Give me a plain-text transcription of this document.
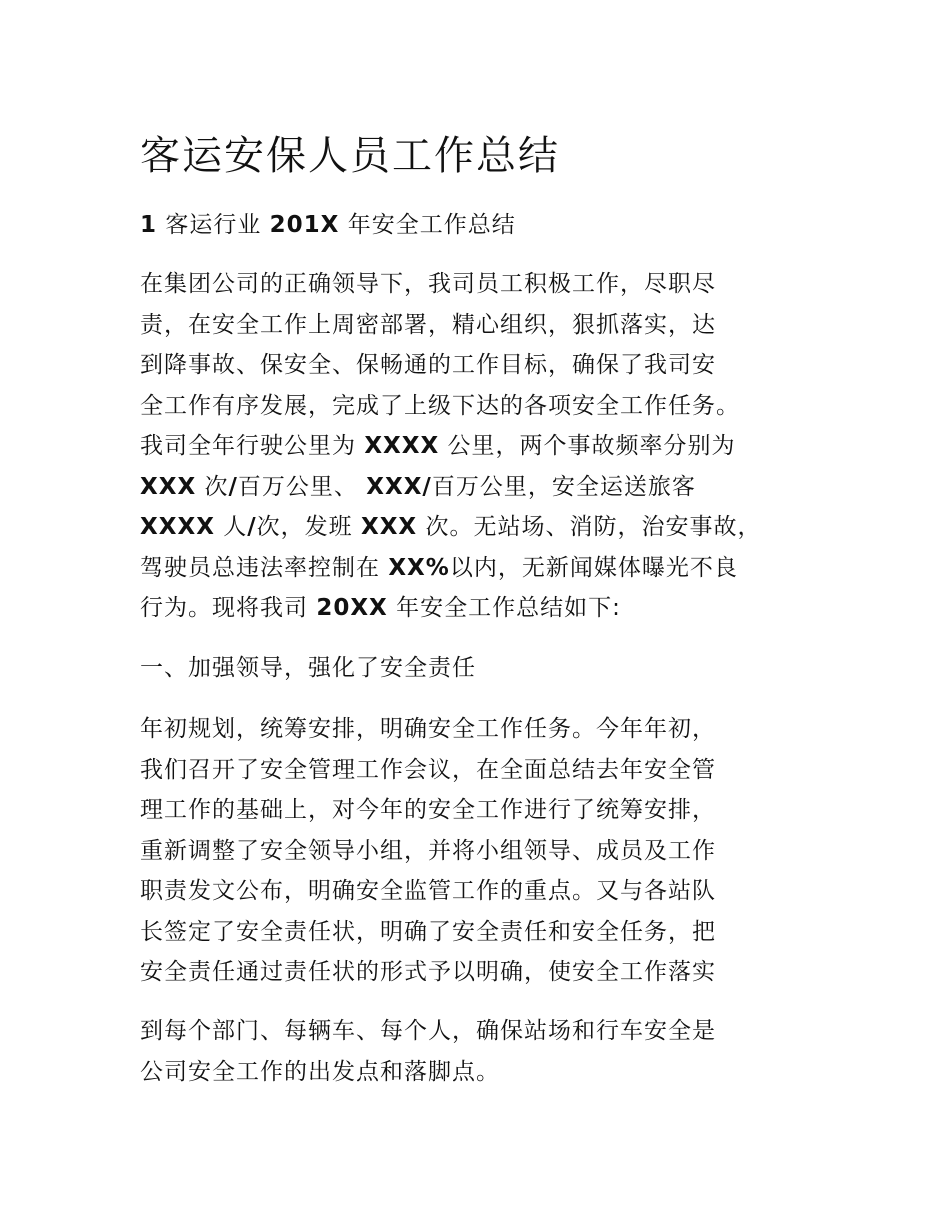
客运安保人员工作总结
1 客运行业 201X 年安全工作总结
在集团公司的正确领导下，我司员工积极工作，尽职尽
责，在安全工作上周密部署，精心组织，狠抓落实，达
到降事故、保安全、保畅通的工作目标，确保了我司安
全工作有序发展，完成了上级下达的各项安全工作任务。
我司全年行驶公里为 XXXX 公里，两个事故频率分别为
XXX 次/百万公里、 XXX/百万公里，安全运送旅客
XXXX 人/次，发班 XXX 次。无站场、消防，治安事故，
驾驶员总违法率控制在 XX%以内，无新闻媒体曝光不良
行为。现将我司 20XX 年安全工作总结如下:
一、加强领导，强化了安全责任
年初规划，统筹安排，明确安全工作任务。今年年初，
我们召开了安全管理工作会议，在全面总结去年安全管
理工作的基础上，对今年的安全工作进行了统筹安排，
重新调整了安全领导小组，并将小组领导、成员及工作
职责发文公布，明确安全监管工作的重点。又与各站队
长签定了安全责任状，明确了安全责任和安全任务，把
安全责任通过责任状的形式予以明确，使安全工作落实
到每个部门、每辆车、每个人，确保站场和行车安全是
公司安全工作的出发点和落脚点。
